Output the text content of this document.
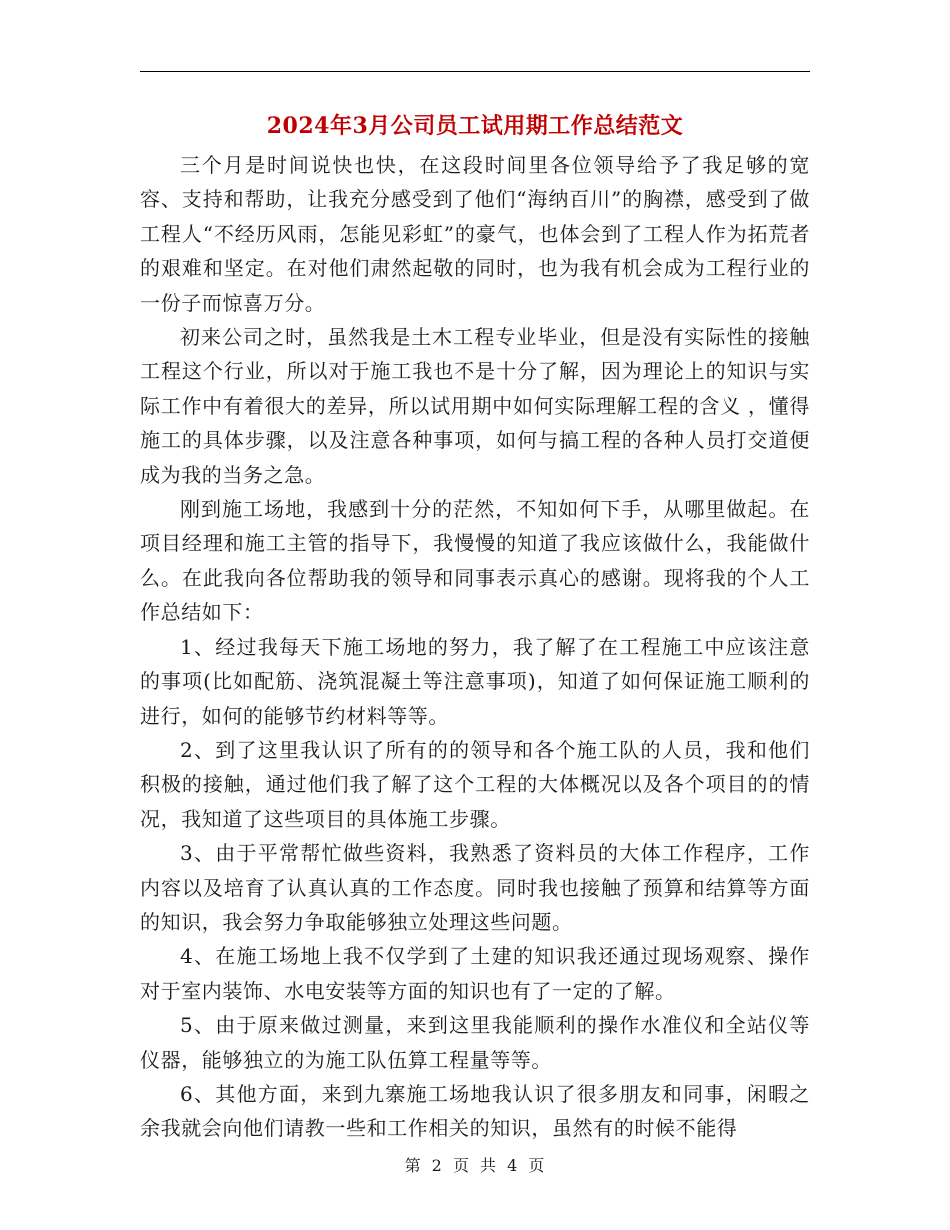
2024年3月公司员工试用期工作总结范文

三个月是时间说快也快，在这段时间里各位领导给予了我足够的宽容、支持和帮助，让我充分感受到了他们“海纳百川”的胸襟，感受到了做工程人“不经历风雨，怎能见彩虹”的豪气，也体会到了工程人作为拓荒者的艰难和坚定。在对他们肃然起敬的同时，也为我有机会成为工程行业的一份子而惊喜万分。

初来公司之时，虽然我是土木工程专业毕业，但是没有实际性的接触工程这个行业，所以对于施工我也不是十分了解，因为理论上的知识与实际工作中有着很大的差异，所以试用期中如何实际理解工程的含义 ，懂得施工的具体步骤，以及注意各种事项，如何与搞工程的各种人员打交道便成为我的当务之急。

刚到施工场地，我感到十分的茫然，不知如何下手，从哪里做起。在项目经理和施工主管的指导下，我慢慢的知道了我应该做什么，我能做什么。在此我向各位帮助我的领导和同事表示真心的感谢。现将我的个人工作总结如下：

1、经过我每天下施工场地的努力，我了解了在工程施工中应该注意的事项(比如配筋、浇筑混凝土等注意事项)，知道了如何保证施工顺利的进行，如何的能够节约材料等等。

2、到了这里我认识了所有的的领导和各个施工队的人员，我和他们积极的接触，通过他们我了解了这个工程的大体概况以及各个项目的的情况，我知道了这些项目的具体施工步骤。

3、由于平常帮忙做些资料，我熟悉了资料员的大体工作程序，工作内容以及培育了认真认真的工作态度。同时我也接触了预算和结算等方面的知识，我会努力争取能够独立处理这些问题。

4、在施工场地上我不仅学到了土建的知识我还通过现场观察、操作对于室内装饰、水电安装等方面的知识也有了一定的了解。

5、由于原来做过测量，来到这里我能顺利的操作水准仪和全站仪等仪器，能够独立的为施工队伍算工程量等等。

6、其他方面，来到九寨施工场地我认识了很多朋友和同事，闲暇之余我就会向他们请教一些和工作相关的知识，虽然有的时候不能得

第 2 页 共 4 页
